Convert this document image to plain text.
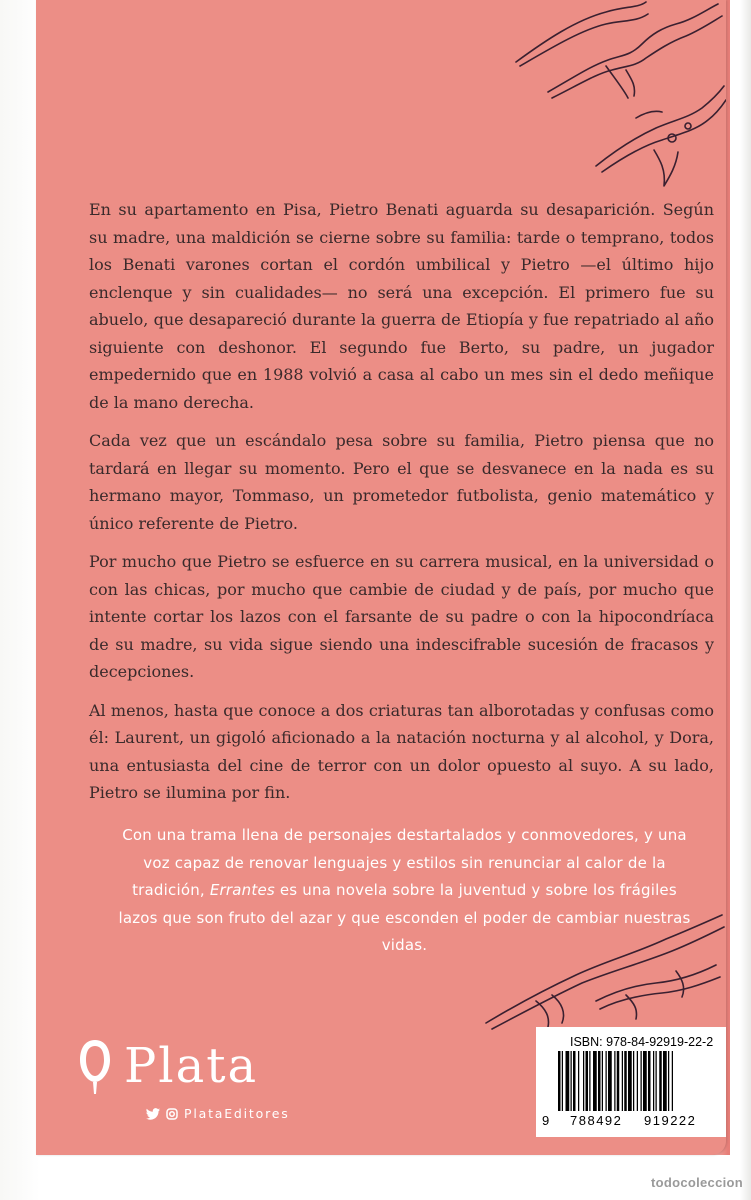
En su apartamento en Pisa, Pietro Benati aguarda su desaparición. Según su madre, una maldición se cierne sobre su familia: tarde o temprano, todos los Benati varones cortan el cordón umbilical y Pietro —el último hijo enclenque y sin cualidades— no será una excepción. El primero fue su abuelo, que desapareció durante la guerra de Etiopía y fue repatriado al año siguiente con deshonor. El segundo fue Berto, su padre, un jugador empedernido que en 1988 volvió a casa al cabo un mes sin el dedo meñique de la mano derecha.

Cada vez que un escándalo pesa sobre su familia, Pietro piensa que no tardará en llegar su momento. Pero el que se desvanece en la nada es su hermano mayor, Tommaso, un prometedor futbolista, genio matemático y único referente de Pietro.

Por mucho que Pietro se esfuerce en su carrera musical, en la universidad o con las chicas, por mucho que cambie de ciudad y de país, por mucho que intente cortar los lazos con el farsante de su padre o con la hipocondríaca de su madre, su vida sigue siendo una indescifrable sucesión de fracasos y decepciones.

Al menos, hasta que conoce a dos criaturas tan alborotadas y confusas como él: Laurent, un gigoló aficionado a la natación nocturna y al alcohol, y Dora, una entusiasta del cine de terror con un dolor opuesto al suyo. A su lado, Pietro se ilumina por fin.

Con una trama llena de personajes destartalados y conmovedores, y una voz capaz de renovar lenguajes y estilos sin renunciar al calor de la tradición, Errantes es una novela sobre la juventud y sobre los frágiles lazos que son fruto del azar y que esconden el poder de cambiar nuestras vidas.
Plata
PlataEditores
ISBN: 978-84-92919-22-2
9 788492 919222
todocoleccion
